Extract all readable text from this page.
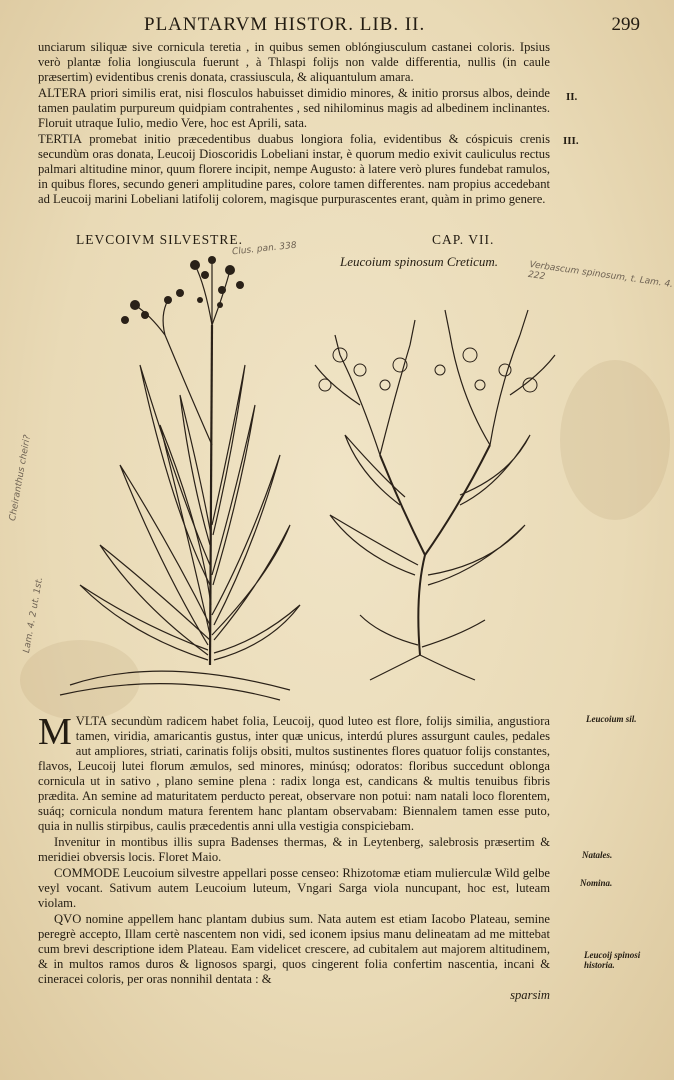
PLANTARVM HISTOR. LIB. II.	299

unciarum siliquæ sive cornicula teretia , in quibus semen oblóngiusculum castanei coloris. Ipsius verò plantæ folia longiuscula fuerunt , à Thlaspi folijs non valde differentia, nullis (in caule præsertim) evidentibus crenis donata, crassiuscula, & aliquantulum amara.

ALTERA priori similis erat, nisi flosculos habuisset dimidio minores, & initio prorsus albos, deinde tamen paulatim purpureum quidpiam contrahentes , sed nihilominus magis ad albedinem inclinantes. Floruit utraque Iulio, medio Vere, hoc est Aprili, sata.

TERTIA promebat initio præcedentibus duabus longiora folia, evidentibus & cóspicuis crenis secundùm oras donata, Leucoij Dioscoridis Lobeliani instar, è quorum medio exivit cauliculus rectus palmari altitudine minor, quum florere incipit, nempe Augusto: à latere verò plures fundebat ramulos, in quibus flores, secundo generi amplitudine pares, colore tamen differentes. nam propius accedebant ad Leucoij marini Lobeliani latifolij colorem, magisque purpurascentes erant, quàm in primo genere.

II.
III.
LEVCOIVM SILVESTRE.	CAP. VII.
Leucoium spinosum Creticum.
Clus. pan. 338
Verbascum spinosum, t. Lam. 4. 222
Cheiranthus cheiri?
Lam. 4. 2 ut. 1st.

MVLTA secundùm radicem habet folia, Leucoij, quod luteo est flore, folijs similia, angustiora tamen, viridia, amaricantis gustus, inter quæ unicus, interdú plures assurgunt caules, pedales aut ampliores, striati, carinatis folijs obsiti, multos sustinentes flores quatuor folijs constantes, flavos, Leucoij lutei florum æmulos, sed minores, minúsq; odoratos: floribus succedunt oblonga cornicula ut in sativo , plano semine plena : radix longa est, candicans & multis tenuibus fibris prædita. An semine ad maturitatem perducto pereat, observare non potui: nam natali loco florentem, suáq; cornicula nondum matura ferentem hanc plantam observabam: Biennalem tamen esse puto, quia in nullis stirpibus, caulis præcedentis anni ulla vestigia conspiciebam.

Invenitur in montibus illis supra Badenses thermas, & in Leytenberg, salebrosis præsertim & meridiei obversis locis. Floret Maio.

COMMODE Leucoium silvestre appellari posse censeo: Rhizotomæ etiam mulierculæ Wild gelbe veyl vocant. Sativum autem Leucoium luteum, Vngari Sarga viola nuncupant, hoc est, luteam violam.

QVO nomine appellem hanc plantam dubius sum. Nata autem est etiam Iacobo Plateau, semine peregrè accepto, Illam certè nascentem non vidi, sed iconem ipsius manu delineatam ad me mittebat cum brevi descriptione idem Plateau. Eam videlicet crescere, ad cubitalem aut majorem altitudinem, & in multos ramos duros & lignosos spargi, quos cingerent folia confertim nascentia, incani & cineracei coloris, per oras nonnihil dentata : &

sparsim

Leucoium sil.
Natales.
Nomina.
Leucoij spinosi historia.
